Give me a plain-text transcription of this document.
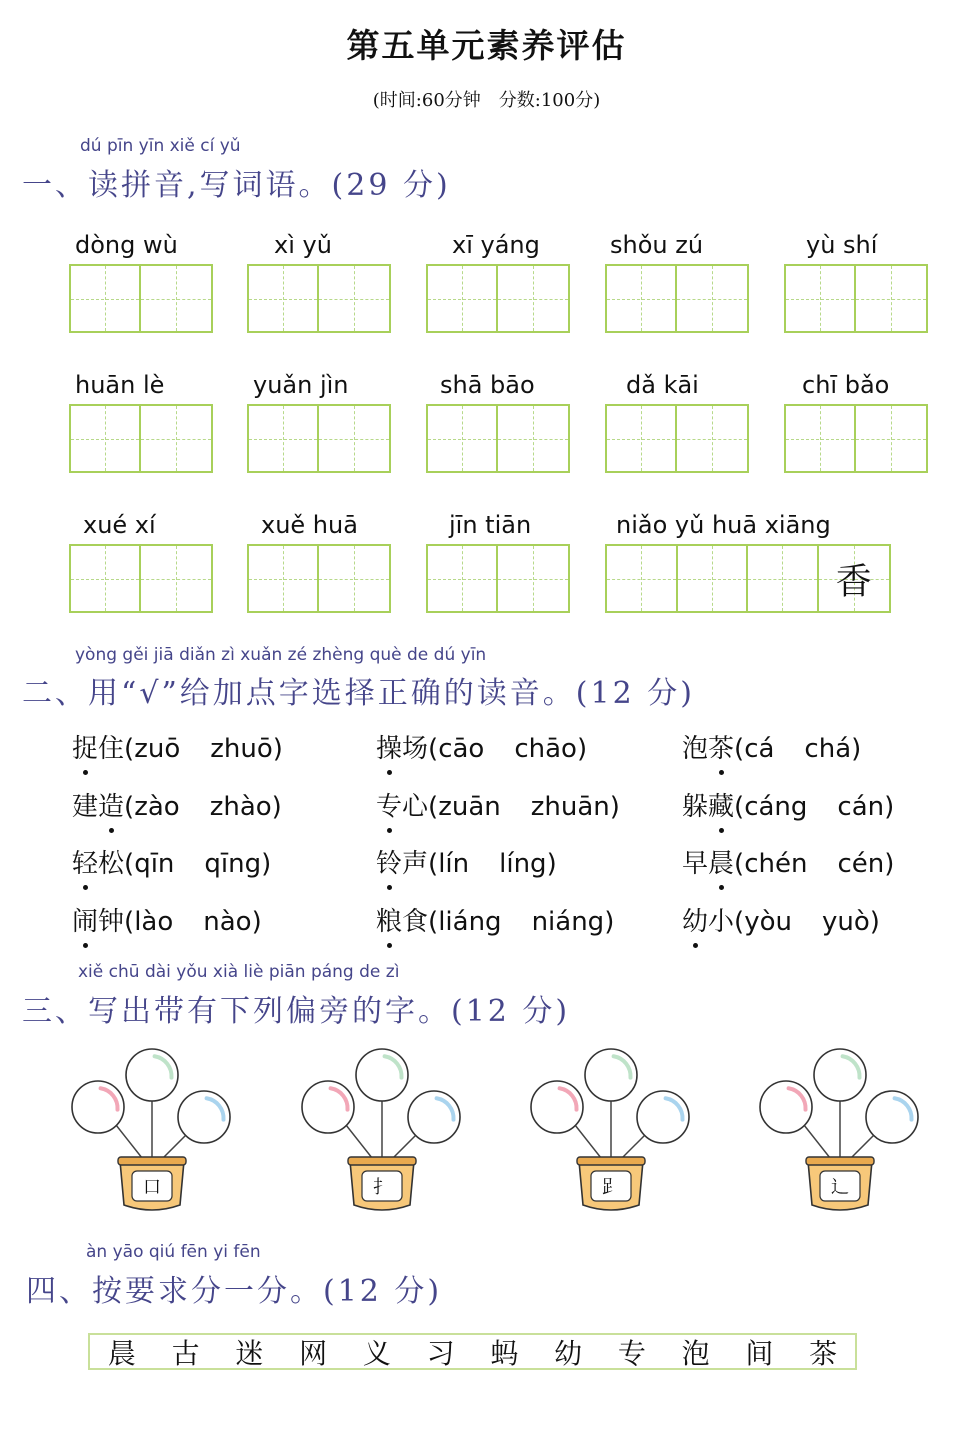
第五单元素养评估
(时间:60分钟　分数:100分)
dú pīn yīn xiě cí yǔ
一、读拼音,写词语。(29 分)
dòng wù	xì yǔ	xī yáng	shǒu zú	yù shí
huān lè	yuǎn jìn	shā bāo	dǎ kāi	chī bǎo
xué xí	xuě huā	jīn tiān	niǎo yǔ huā xiāng
香
yòng gěi jiā diǎn zì xuǎn zé zhèng què de dú yīn
二、用“√”给加点字选择正确的读音。(12 分)
捉住(zuō zhuō)	操场(cāo chāo)	泡茶(cá chá)
建造(zào zhào)	专心(zuān zhuān) 躲藏(cáng cán)
轻松(qīn qīng)	铃声(lín líng)	早晨(chén cén)
闹钟(lào nào)	粮食(liáng niáng)	幼小(yòu yuò)
xiě chū dài yǒu xià liè piān páng de zì
三、写出带有下列偏旁的字。(12 分)
口	扌	𧾷	辶
àn yāo qiú fēn yi fēn
四、按要求分一分。(12 分)
晨 古 迷 网 义 习 蚂 幼 专 泡 间 茶
